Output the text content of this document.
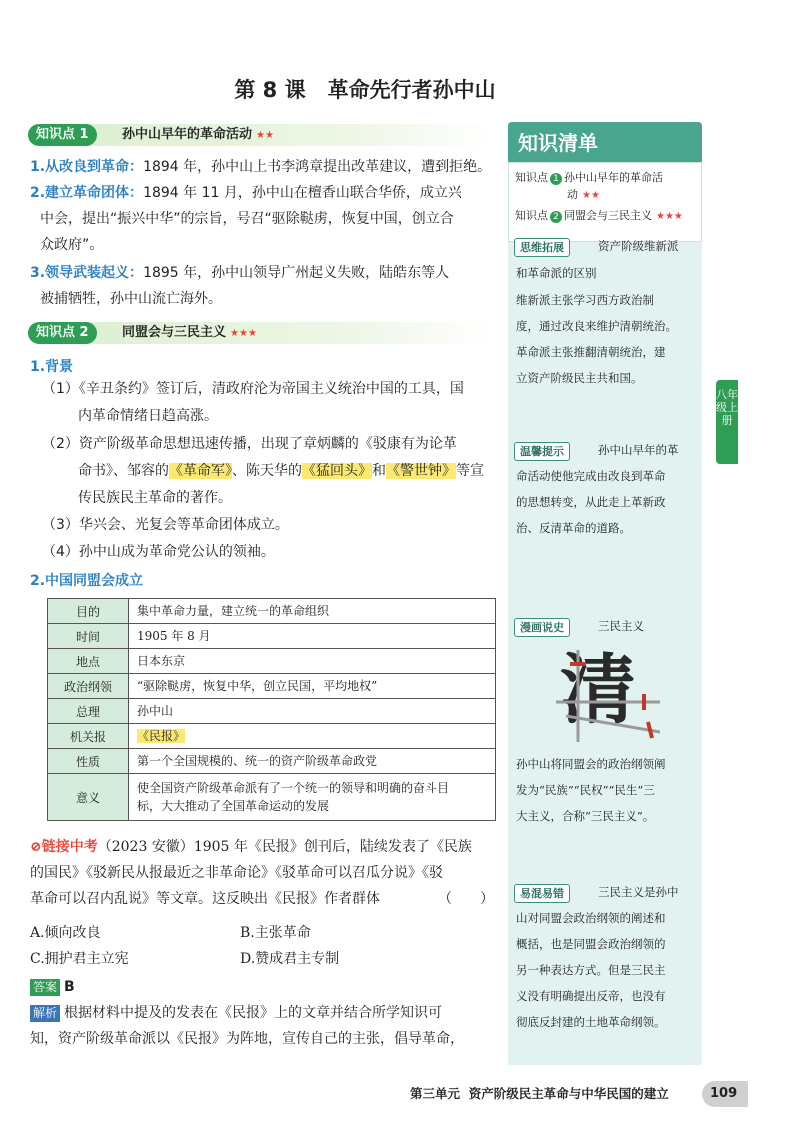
第 8 课 革命先行者孙中山
知识点 1	孙中山早年的革命活动 ★★
1.从改良到革命：1894 年，孙中山上书李鸿章提出改革建议，遭到拒绝。
2.建立革命团体：1894 年 11 月，孙中山在檀香山联合华侨，成立兴
中会，提出“振兴中华”的宗旨，号召“驱除鞑虏，恢复中国，创立合
众政府”。
3.领导武装起义：1895 年，孙中山领导广州起义失败，陆皓东等人
被捕牺牲，孙中山流亡海外。
知识点 2	同盟会与三民主义 ★★★
1.背景
（1）《辛丑条约》签订后，清政府沦为帝国主义统治中国的工具，国
内革命情绪日趋高涨。
（2）资产阶级革命思想迅速传播，出现了章炳麟的《驳康有为论革
命书》、邹容的《革命军》、陈天华的《猛回头》和《警世钟》等宣
传民族民主革命的著作。
（3）华兴会、光复会等革命团体成立。
（4）孙中山成为革命党公认的领袖。
2.中国同盟会成立
目的	集中革命力量，建立统一的革命组织
时间	1905 年 8 月
地点	日本东京
政治纲领	“驱除鞑虏，恢复中华，创立民国，平均地权”
总理	孙中山
机关报	《民报》
性质	第一个全国规模的、统一的资产阶级革命政党
意义	使全国资产阶级革命派有了一个统一的领导和明确的奋斗目
标，大大推动了全国革命运动的发展
⊘链接中考（2023 安徽）1905 年《民报》创刊后，陆续发表了《民族
的国民》《驳新民从报最近之非革命论》《驳革命可以召瓜分说》《驳
革命可以召内乱说》等文章。这反映出《民报》作者群体	（　　）
A.倾向改良	B.主张革命
C.拥护君主立宪	D.赞成君主专制
答案 B
解析 根据材料中提及的发表在《民报》上的文章并结合所学知识可
知，资产阶级革命派以《民报》为阵地，宣传自己的主张，倡导革命，
知识清单
知识点 1 孙中山早年的革命活
动 ★★
知识点 2 同盟会与三民主义 ★★★
思维拓展	资产阶级维新派
和革命派的区别
维新派主张学习西方政治制
度，通过改良来维护清朝统治。
革命派主张推翻清朝统治，建
立资产阶级民主共和国。
温馨提示	孙中山早年的革
命活动使他完成由改良到革命
的思想转变，从此走上革新政
治、反清革命的道路。
漫画说史	三民主义
清
孙中山将同盟会的政治纲领阐
发为“民族”“民权”“民生”三
大主义，合称“三民主义”。
易混易错	三民主义是孙中
山对同盟会政治纲领的阐述和
概括，也是同盟会政治纲领的
另一种表达方式。但是三民主
义没有明确提出反帝，也没有
彻底反封建的土地革命纲领。
八年级上册
第三单元 资产阶级民主革命与中华民国的建立	109
